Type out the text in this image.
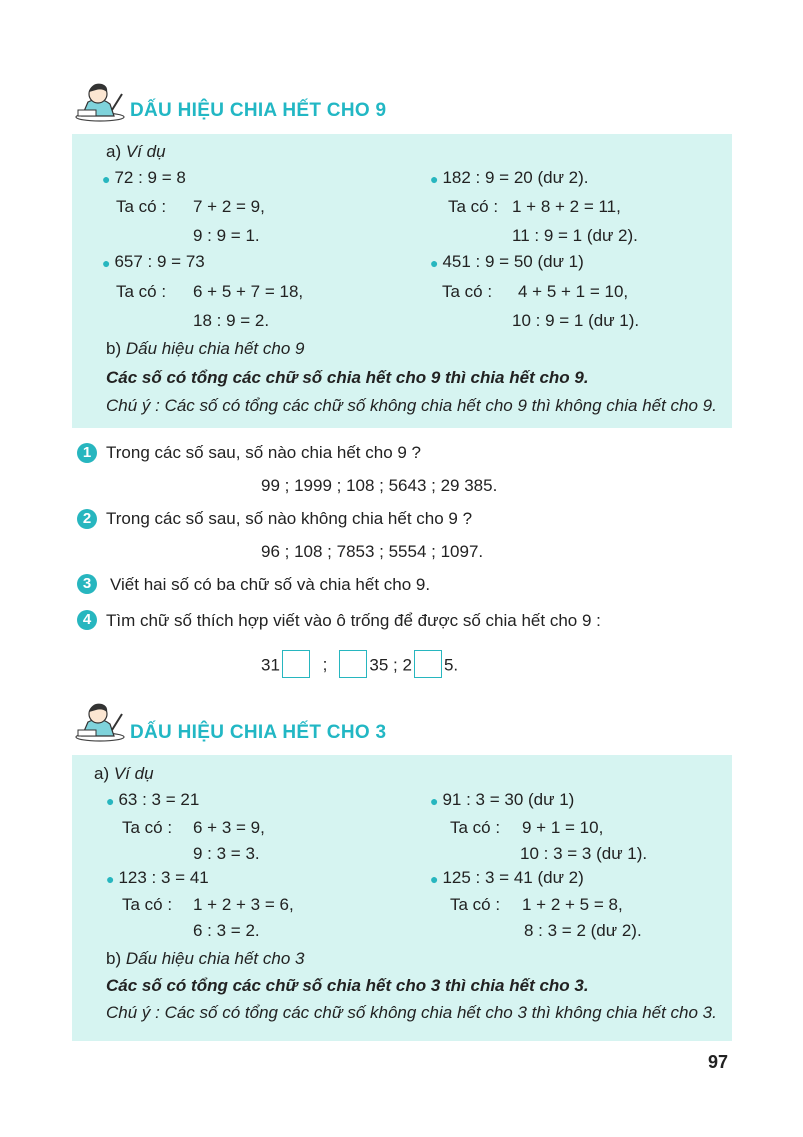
DẤU HIỆU CHIA HẾT CHO 9
a) Ví dụ
● 72 : 9 = 8
Ta có : 7 + 2 = 9,
9 : 9 = 1.
● 657 : 9 = 73
Ta có : 6 + 5 + 7 = 18,
18 : 9 = 2.
● 182 : 9 = 20 (dư 2).
Ta có : 1 + 8 + 2 = 11,
11 : 9 = 1 (dư 2).
● 451 : 9 = 50 (dư 1)
Ta có : 4 + 5 + 1 = 10,
10 : 9 = 1 (dư 1).
b) Dấu hiệu chia hết cho 9
Các số có tổng các chữ số chia hết cho 9 thì chia hết cho 9.
Chú ý : Các số có tổng các chữ số không chia hết cho 9 thì không chia hết cho 9.
1 Trong các số sau, số nào chia hết cho 9 ?
99 ; 1999 ; 108 ; 5643 ; 29 385.
2 Trong các số sau, số nào không chia hết cho 9 ?
96 ; 108 ; 7853 ; 5554 ; 1097.
3	Viết hai số có ba chữ số và chia hết cho 9.
4 Tìm chữ số thích hợp viết vào ô trống để được số chia hết cho 9 :
31	; 35 ; 2 5.
DẤU HIỆU CHIA HẾT CHO 3
a) Ví dụ
● 63 : 3 = 21
Ta có : 6 + 3 = 9,
9 : 3 = 3.
● 123 : 3 = 41
Ta có : 1 + 2 + 3 = 6,
6 : 3 = 2.
● 91 : 3 = 30 (dư 1)
Ta có : 9 + 1 = 10,
10 : 3 = 3 (dư 1).
● 125 : 3 = 41 (dư 2)
Ta có : 1 + 2 + 5 = 8,
8 : 3 = 2 (dư 2).
b) Dấu hiệu chia hết cho 3
Các số có tổng các chữ số chia hết cho 3 thì chia hết cho 3.
Chú ý : Các số có tổng các chữ số không chia hết cho 3 thì không chia hết cho 3.
97
